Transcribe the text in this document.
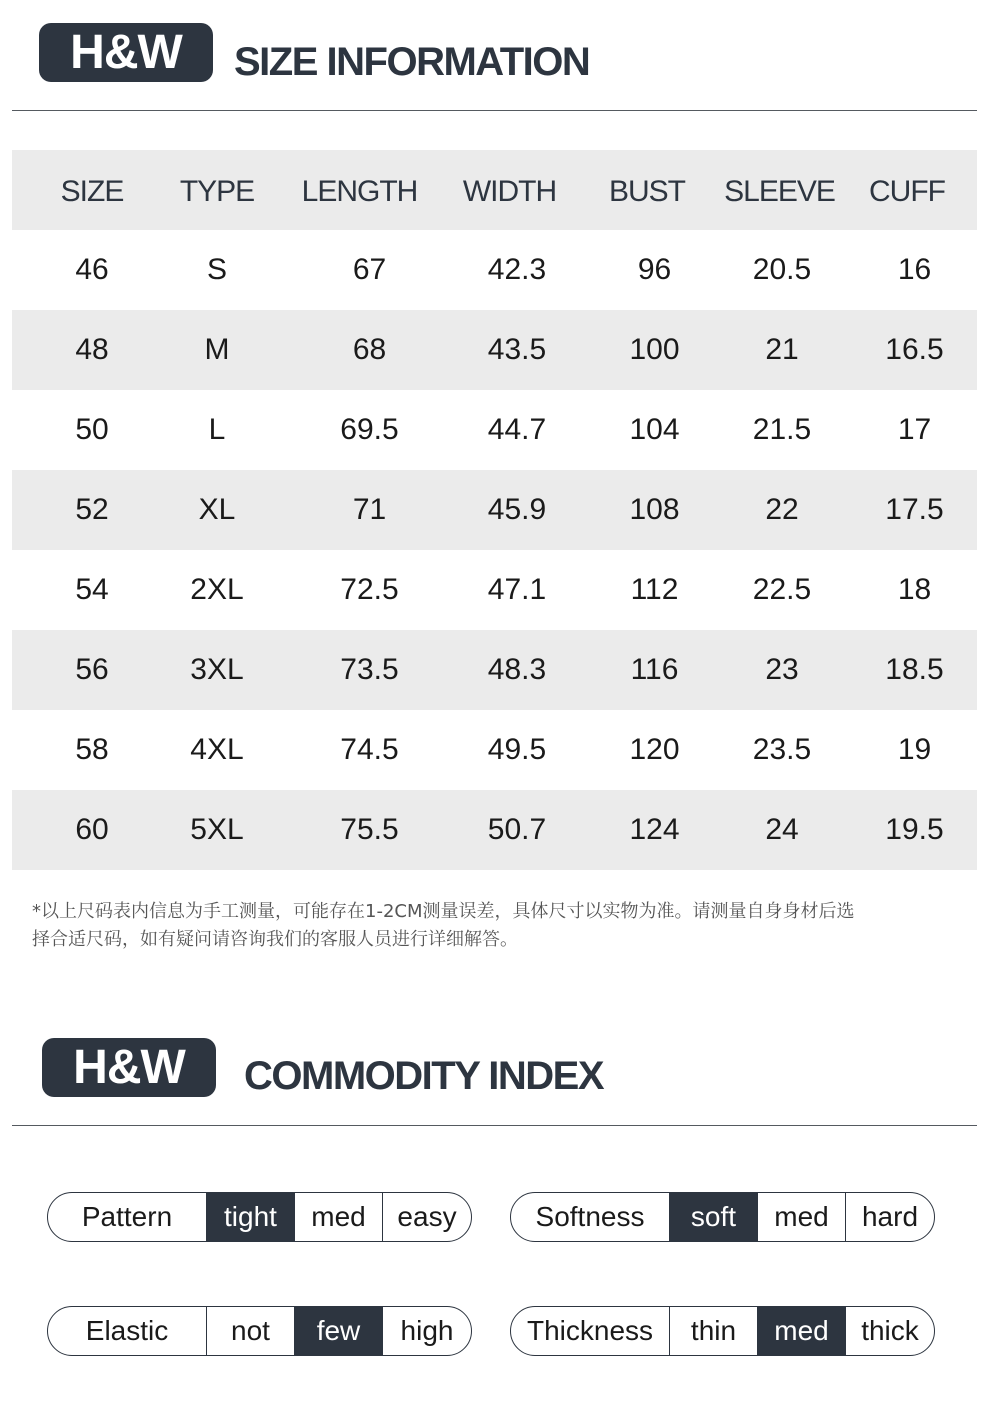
H&W	SIZE INFORMATION
SIZE	TYPE	LENGTH	WIDTH	BUST	SLEEVE	CUFF
46	S	67	42.3	96	20.5	16
48	M	68	43.5	100	21	16.5
50	L	69.5	44.7	104	21.5	17
52	XL	71	45.9	108	22	17.5
54	2XL	72.5	47.1	112	22.5	18
56	3XL	73.5	48.3	116	23	18.5
58	4XL	74.5	49.5	120	23.5	19
60	5XL	75.5	50.7	124	24	19.5
*以上尺码表内信息为手工测量，可能存在1-2CM测量误差，具体尺寸以实物为准。请测量自身身材后选
择合适尺码，如有疑问请咨询我们的客服人员进行详细解答。
H&W	COMMODITY INDEX
Pattern	tight	med	easy	Softness	soft	med	hard
Elastic	not	few	high	Thickness	thin	med	thick
